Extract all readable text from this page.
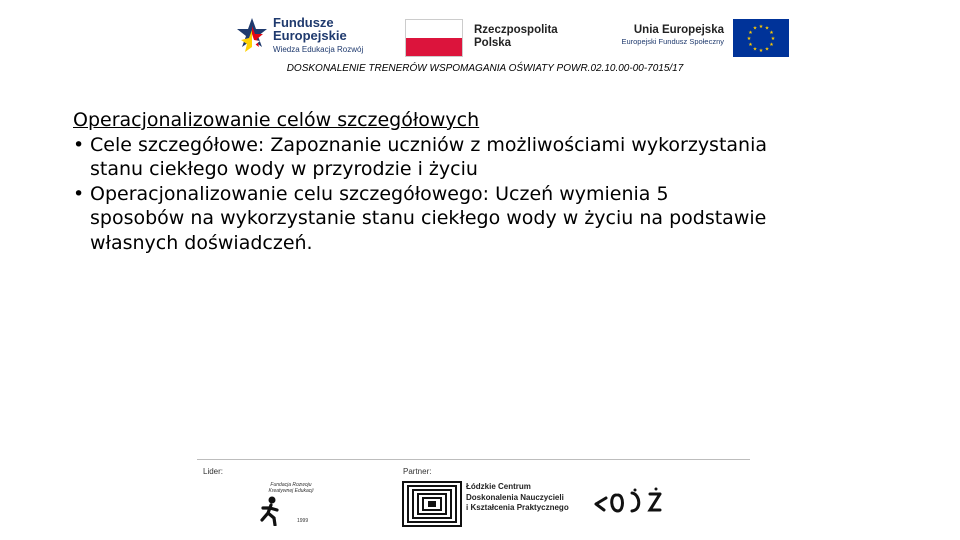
Fundusze
Europejskie
Wiedza Edukacja Rozwój
Rzeczpospolita
Polska
Unia Europejska
Europejski Fundusz Społeczny
★ ★
★
★
★
★
★
★
★
★
★
★
DOSKONALENIE TRENERÓW WSPOMAGANIA OŚWIATY POWR.02.10.00-00-7015/17
Operacjonalizowanie celów szczegółowych
• Cele szczegółowe: Zapoznanie uczniów z możliwościami wykorzystania
stanu ciekłego wody w przyrodzie i życiu
• Operacjonalizowanie celu szczegółowego: Uczeń wymienia 5
sposobów na wykorzystanie stanu ciekłego wody w życiu na podstawie
własnych doświadczeń.
Lider:	Partner:
Fundacja Rozwoju Kreatywnej Edukacji
1999
Łódzkie Centrum
Doskonalenia Nauczycieli
i Kształcenia Praktycznego
